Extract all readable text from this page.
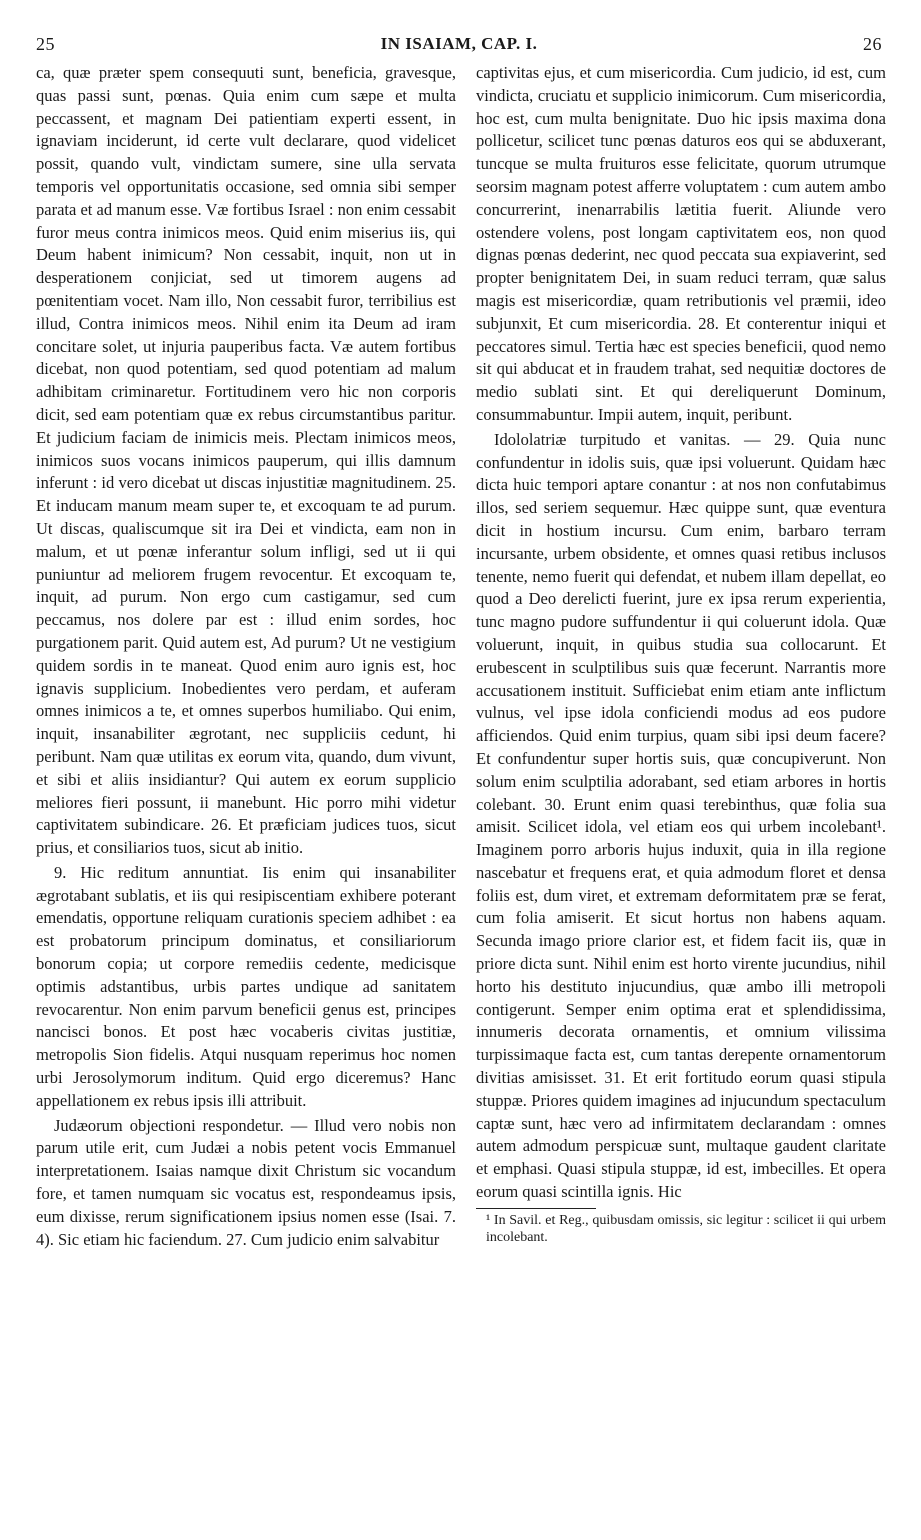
25	IN ISAIAM, CAP. I.	26

ca, quæ præter spem consequuti sunt, beneficia, gravesque, quas passi sunt, pœnas. Quia enim cum sæpe et multa peccassent, et magnam Dei patientiam experti essent, in ignaviam inciderunt, id certe vult declarare, quod videlicet possit, quando vult, vindictam sumere, sine ulla servata temporis vel opportunitatis occasione, sed omnia sibi semper parata et ad manum esse. Væ fortibus Israel : non enim cessabit furor meus contra inimicos meos. Quid enim miserius iis, qui Deum habent inimicum? Non cessabit, inquit, non ut in desperationem conjiciat, sed ut timorem augens ad pœnitentiam vocet. Nam illo, Non cessabit furor, terribilius est illud, Contra inimicos meos. Nihil enim ita Deum ad iram concitare solet, ut injuria pauperibus facta. Væ autem fortibus dicebat, non quod potentiam, sed quod potentiam ad malum adhibitam criminaretur. Fortitudinem vero hic non corporis dicit, sed eam potentiam quæ ex rebus circumstantibus paritur. Et judicium faciam de inimicis meis. Plectam inimicos meos, inimicos suos vocans inimicos pauperum, qui illis damnum inferunt : id vero dicebat ut discas injustitiæ magnitudinem. 25. Et inducam manum meam super te, et excoquam te ad purum. Ut discas, qualiscumque sit ira Dei et vindicta, eam non in malum, et ut pœnæ inferantur solum infligi, sed ut ii qui puniuntur ad meliorem frugem revocentur. Et excoquam te, inquit, ad purum. Non ergo cum castigamur, sed cum peccamus, nos dolere par est : illud enim sordes, hoc purgationem parit. Quid autem est, Ad purum? Ut ne vestigium quidem sordis in te maneat. Quod enim auro ignis est, hoc ignavis supplicium. Inobedientes vero perdam, et auferam omnes inimicos a te, et omnes superbos humiliabo. Qui enim, inquit, insanabiliter ægrotant, nec suppliciis cedunt, hi peribunt. Nam quæ utilitas ex eorum vita, quando, dum vivunt, et sibi et aliis insidiantur? Qui autem ex eorum supplicio meliores fieri possunt, ii manebunt. Hic porro mihi videtur captivitatem subindicare. 26. Et præficiam judices tuos, sicut prius, et consiliarios tuos, sicut ab initio.

9. Hic reditum annuntiat. Iis enim qui insanabiliter ægrotabant sublatis, et iis qui resipiscentiam exhibere poterant emendatis, opportune reliquam curationis speciem adhibet : ea est probatorum principum dominatus, et consiliariorum bonorum copia; ut corpore remediis cedente, medicisque optimis adstantibus, urbis partes undique ad sanitatem revocarentur. Non enim parvum beneficii genus est, principes nancisci bonos. Et post hæc vocaberis civitas justitiæ, metropolis Sion fidelis. Atqui nusquam reperimus hoc nomen urbi Jerosolymorum inditum. Quid ergo diceremus? Hanc appellationem ex rebus ipsis illi attribuit.

Judæorum objectioni respondetur. — Illud vero nobis non parum utile erit, cum Judæi a nobis petent vocis Emmanuel interpretationem. Isaias namque dixit Christum sic vocandum fore, et tamen numquam sic vocatus est, respondeamus ipsis, eum dixisse, rerum significationem ipsius nomen esse (Isai. 7. 4). Sic etiam hic faciendum. 27. Cum judicio enim salvabitur

captivitas ejus, et cum misericordia. Cum judicio, id est, cum vindicta, cruciatu et supplicio inimicorum. Cum misericordia, hoc est, cum multa benignitate. Duo hic ipsis maxima dona pollicetur, scilicet tunc pœnas daturos eos qui se abduxerant, tuncque se multa fruituros esse felicitate, quorum utrumque seorsim magnam potest afferre voluptatem : cum autem ambo concurrerint, inenarrabilis lætitia fuerit. Aliunde vero ostendere volens, post longam captivitatem eos, non quod dignas pœnas dederint, nec quod peccata sua expiaverint, sed propter benignitatem Dei, in suam reduci terram, quæ salus magis est misericordiæ, quam retributionis vel præmii, ideo subjunxit, Et cum misericordia. 28. Et conterentur iniqui et peccatores simul. Tertia hæc est species beneficii, quod nemo sit qui abducat et in fraudem trahat, sed nequitiæ doctores de medio sublati sint. Et qui dereliquerunt Dominum, consummabuntur. Impii autem, inquit, peribunt.

Idololatriæ turpitudo et vanitas. — 29. Quia nunc confundentur in idolis suis, quæ ipsi voluerunt. Quidam hæc dicta huic tempori aptare conantur : at nos non confutabimus illos, sed seriem sequemur. Hæc quippe sunt, quæ eventura dicit in hostium incursu. Cum enim, barbaro terram incursante, urbem obsidente, et omnes quasi retibus inclusos tenente, nemo fuerit qui defendat, et nubem illam depellat, eo quod a Deo derelicti fuerint, jure ex ipsa rerum experientia, tunc magno pudore suffundentur ii qui coluerunt idola. Quæ voluerunt, inquit, in quibus studia sua collocarunt. Et erubescent in sculptilibus suis quæ fecerunt. Narrantis more accusationem instituit. Sufficiebat enim etiam ante inflictum vulnus, vel ipse idola conficiendi modus ad eos pudore afficiendos. Quid enim turpius, quam sibi ipsi deum facere? Et confundentur super hortis suis, quæ concupiverunt. Non solum enim sculptilia adorabant, sed etiam arbores in hortis colebant. 30. Erunt enim quasi terebinthus, quæ folia sua amisit. Scilicet idola, vel etiam eos qui urbem incolebant¹. Imaginem porro arboris hujus induxit, quia in illa regione nascebatur et frequens erat, et quia admodum floret et densa foliis est, dum viret, et extremam deformitatem præ se ferat, cum folia amiserit. Et sicut hortus non habens aquam. Secunda imago priore clarior est, et fidem facit iis, quæ in priore dicta sunt. Nihil enim est horto virente jucundius, nihil horto his destituto injucundius, quæ ambo illi metropoli contigerunt. Semper enim optima erat et splendidissima, innumeris decorata ornamentis, et omnium vilissima turpissimaque facta est, cum tantas derepente ornamentorum divitias amisisset. 31. Et erit fortitudo eorum quasi stipula stuppæ. Priores quidem imagines ad injucundum spectaculum captæ sunt, hæc vero ad infirmitatem declarandam : omnes autem admodum perspicuæ sunt, multaque gaudent claritate et emphasi. Quasi stipula stuppæ, id est, imbecilles. Et opera eorum quasi scintilla ignis. Hic

¹ In Savil. et Reg., quibusdam omissis, sic legitur : scilicet ii qui urbem incolebant.
